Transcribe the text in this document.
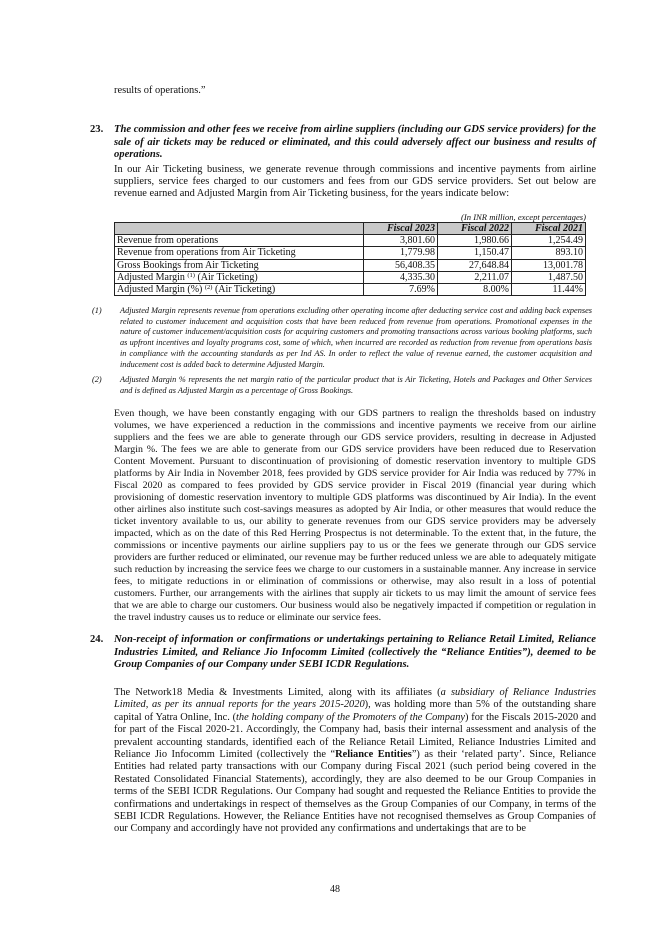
results of operations.”
23. The commission and other fees we receive from airline suppliers (including our GDS service providers) for the sale of air tickets may be reduced or eliminated, and this could adversely affect our business and results of operations.
In our Air Ticketing business, we generate revenue through commissions and incentive payments from airline suppliers, service fees charged to our customers and fees from our GDS service providers. Set out below are revenue earned and Adjusted Margin from Air Ticketing business, for the years indicate below:
(In INR million, except percentages)
	Fiscal 2023	Fiscal 2022	Fiscal 2021
Revenue from operations	3,801.60	1,980.66	1,254.49
Revenue from operations from Air Ticketing	1,779.98	1,150.47	893.10
Gross Bookings from Air Ticketing	56,408.35	27,648.84	13,001.78
Adjusted Margin $^{(1)}$ (Air Ticketing)	4,335.30	2,211.07	1,487.50
Adjusted Margin (%) $^{(2)}$ (Air Ticketing)	7.69%	8.00%	11.44%
(1) Adjusted Margin represents revenue from operations excluding other operating income after deducting service cost and adding back expenses related to customer inducement and acquisition costs that have been reduced from revenue from operations. Promotional expenses in the nature of customer inducement/acquisition costs for acquiring customers and promoting transactions across various booking platforms, such as upfront incentives and loyalty programs cost, some of which, when incurred are recorded as reduction from revenue from operations basis in compliance with the accounting standards as per Ind AS. In order to reflect the value of revenue earned, the customer acquisition and inducement cost is added back to determine Adjusted Margin.
(2) Adjusted Margin % represents the net margin ratio of the particular product that is Air Ticketing, Hotels and Packages and Other Services and is defined as Adjusted Margin as a percentage of Gross Bookings.
Even though, we have been constantly engaging with our GDS partners to realign the thresholds based on industry volumes, we have experienced a reduction in the commissions and incentive payments we receive from our airline suppliers and the fees we are able to generate through our GDS service providers, resulting in decrease in Adjusted Margin %. The fees we are able to generate from our GDS service providers have been reduced due to Reservation Content Movement. Pursuant to discontinuation of provisioning of domestic reservation inventory to multiple GDS platforms by Air India in November 2018, fees provided by GDS service provider for Air India was reduced by 77% in Fiscal 2020 as compared to fees provided by GDS service provider in Fiscal 2019 (financial year during which provisioning of domestic reservation inventory to multiple GDS platforms was discontinued by Air India). In the event other airlines also institute such cost-savings measures as adopted by Air India, or other measures that would reduce the ticket inventory available to us, our ability to generate revenues from our GDS service providers may be adversely impacted, which as on the date of this Red Herring Prospectus is not determinable. To the extent that, in the future, the commissions or incentive payments our airline suppliers pay to us or the fees we generate through our GDS service providers are further reduced or eliminated, our revenue may be further reduced unless we are able to adequately mitigate such reduction by increasing the service fees we charge to our customers in a sustainable manner. Any increase in service fees, to mitigate reductions in or elimination of commissions or otherwise, may also result in a loss of potential customers. Further, our arrangements with the airlines that supply air tickets to us may limit the amount of service fees that we are able to charge our customers. Our business would also be negatively impacted if competition or regulation in the travel industry causes us to reduce or eliminate our service fees.
24. Non-receipt of information or confirmations or undertakings pertaining to Reliance Retail Limited, Reliance Industries Limited, and Reliance Jio Infocomm Limited (collectively the “Reliance Entities”), deemed to be Group Companies of our Company under SEBI ICDR Regulations.
The Network18 Media & Investments Limited, along with its affiliates (a subsidiary of Reliance Industries Limited, as per its annual reports for the years 2015-2020), was holding more than 5% of the outstanding share capital of Yatra Online, Inc. (the holding company of the Promoters of the Company) for the Fiscals 2015-2020 and for part of the Fiscal 2020-21. Accordingly, the Company had, basis their internal assessment and analysis of the prevalent accounting standards, identified each of the Reliance Retail Limited, Reliance Industries Limited and Reliance Jio Infocomm Limited (collectively the “Reliance Entities”) as their ‘related party’. Since, Reliance Entities had related party transactions with our Company during Fiscal 2021 (such period being covered in the Restated Consolidated Financial Statements), accordingly, they are also deemed to be our Group Companies in terms of the SEBI ICDR Regulations. Our Company had sought and requested the Reliance Entities to provide the confirmations and undertakings in respect of themselves as the Group Companies of our Company, in terms of the SEBI ICDR Regulations. However, the Reliance Entities have not recognised themselves as Group Companies of our Company and accordingly have not provided any confirmations and undertakings that are to be
48
